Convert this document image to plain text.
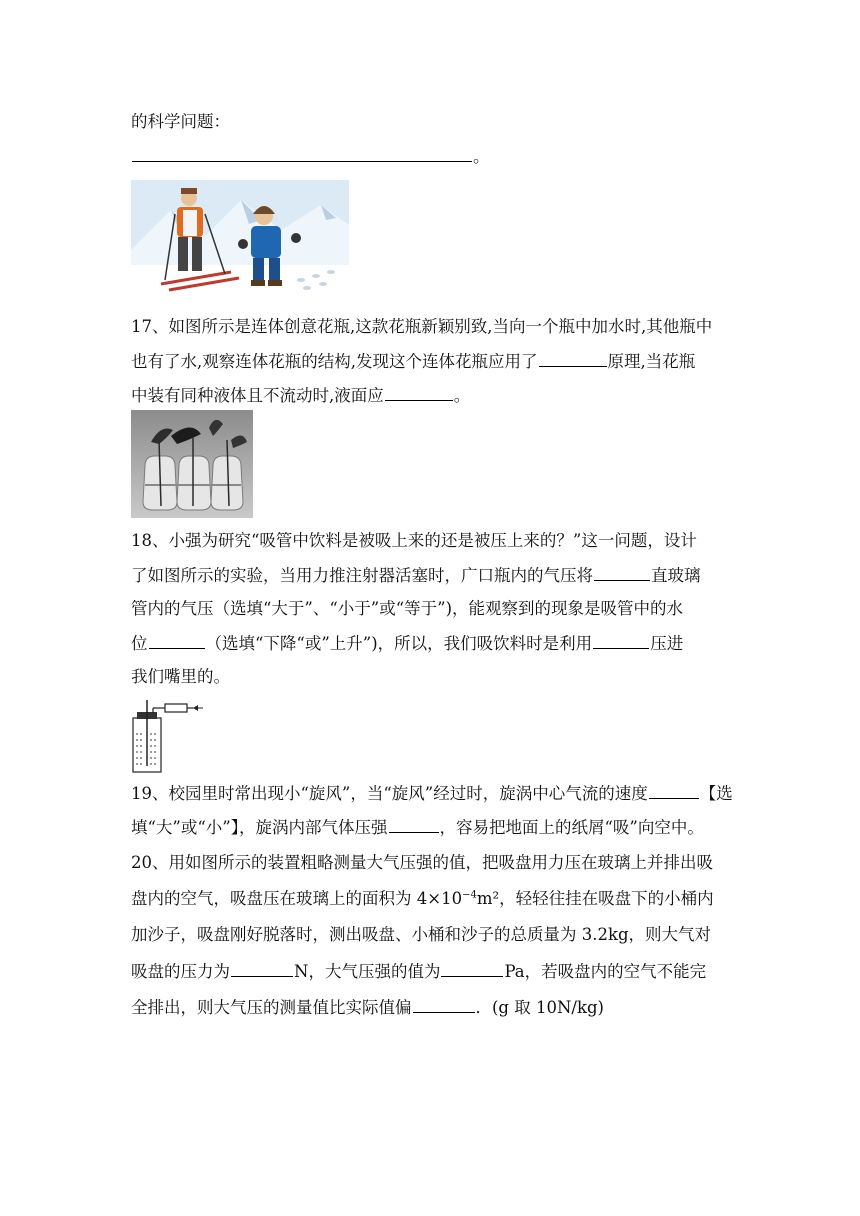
的科学问题：
。
17、如图所示是连体创意花瓶,这款花瓶新颖别致,当向一个瓶中加水时,其他瓶中
也有了水,观察连体花瓶的结构,发现这个连体花瓶应用了	原理,当花瓶
中装有同种液体且不流动时,液面应	。
18、小强为研究“吸管中饮料是被吸上来的还是被压上来的？”这一问题，设计
了如图所示的实验，当用力推注射器活塞时，广口瓶内的气压将	直玻璃
管内的气压（选填“大于”、“小于”或“等于”)，能观察到的现象是吸管中的水
位	（选填“下降“或”上升”)，所以，我们吸饮料时是利用	压进
我们嘴里的。
19、校园里时常出现小“旋风”，当“旋风”经过时，旋涡中心气流的速度	【选
填“大”或“小”】，旋涡内部气体压强	，容易把地面上的纸屑“吸”向空中。
20、用如图所示的装置粗略测量大气压强的值，把吸盘用力压在玻璃上并排出吸
盘内的空气，吸盘压在玻璃上的面积为 $4\times 10^{-4}m^2$，轻轻往挂在吸盘下的小桶内
加沙子，吸盘刚好脱落时，测出吸盘、小桶和沙子的总质量为 3.2kg，则大气对
吸盘的压力为	N，大气压强的值为	Pa，若吸盘内的空气不能完
全排出，则大气压的测量值比实际值偏	．(g 取 10N/kg)
